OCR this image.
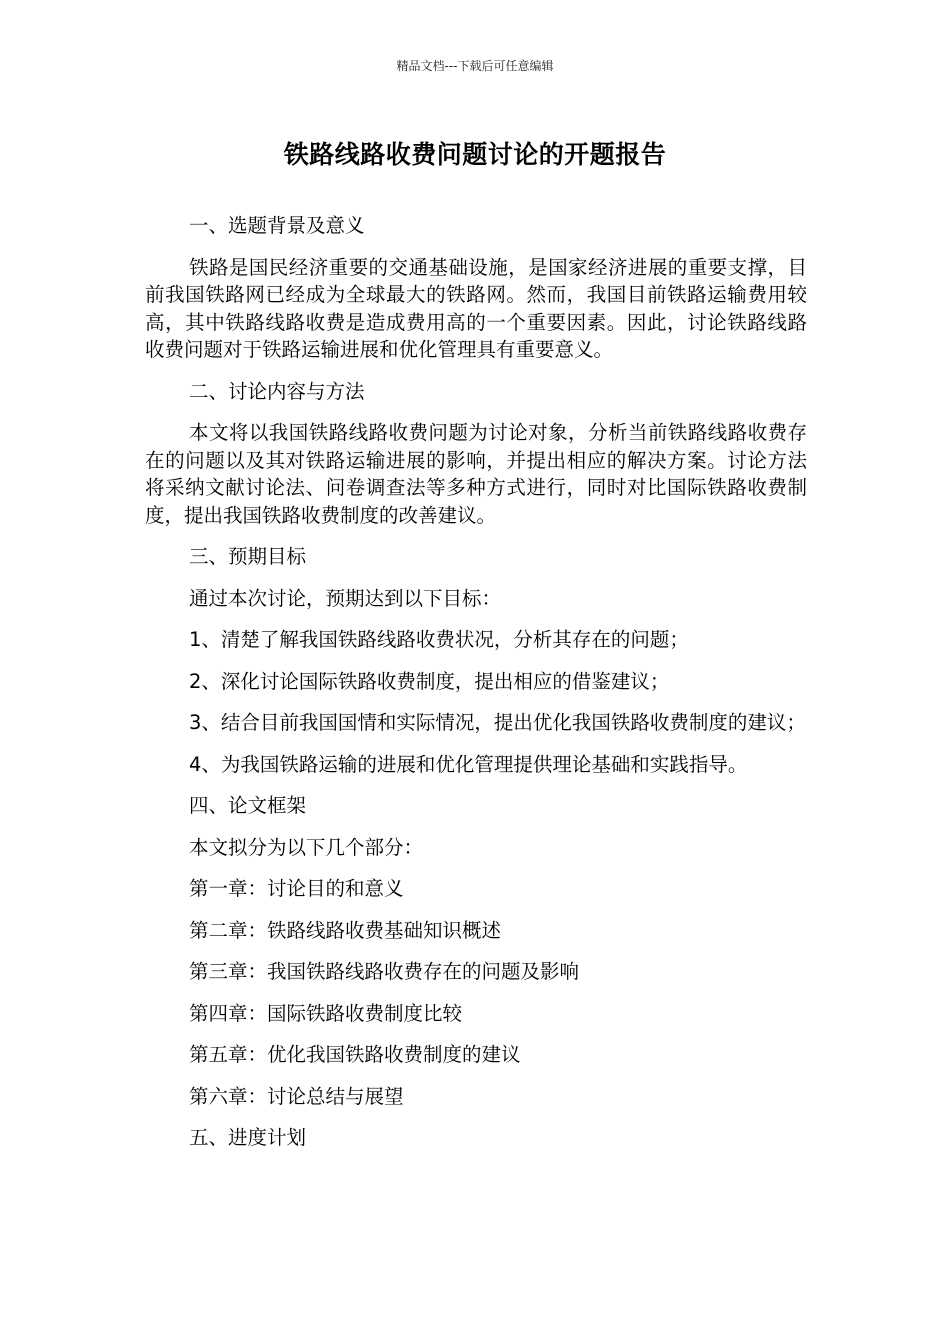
精品文档---下载后可任意编辑
铁路线路收费问题讨论的开题报告

一、选题背景及意义

铁路是国民经济重要的交通基础设施，是国家经济进展的重要支撑，目前我国铁路网已经成为全球最大的铁路网。然而，我国目前铁路运输费用较高，其中铁路线路收费是造成费用高的一个重要因素。因此，讨论铁路线路收费问题对于铁路运输进展和优化管理具有重要意义。

二、讨论内容与方法

本文将以我国铁路线路收费问题为讨论对象，分析当前铁路线路收费存在的问题以及其对铁路运输进展的影响，并提出相应的解决方案。讨论方法将采纳文献讨论法、问卷调查法等多种方式进行，同时对比国际铁路收费制度，提出我国铁路收费制度的改善建议。

三、预期目标

通过本次讨论，预期达到以下目标：

1、清楚了解我国铁路线路收费状况，分析其存在的问题；

2、深化讨论国际铁路收费制度，提出相应的借鉴建议；

3、结合目前我国国情和实际情况，提出优化我国铁路收费制度的建议；

4、为我国铁路运输的进展和优化管理提供理论基础和实践指导。

四、论文框架

本文拟分为以下几个部分：

第一章：讨论目的和意义

第二章：铁路线路收费基础知识概述

第三章：我国铁路线路收费存在的问题及影响

第四章：国际铁路收费制度比较

第五章：优化我国铁路收费制度的建议

第六章：讨论总结与展望

五、进度计划
